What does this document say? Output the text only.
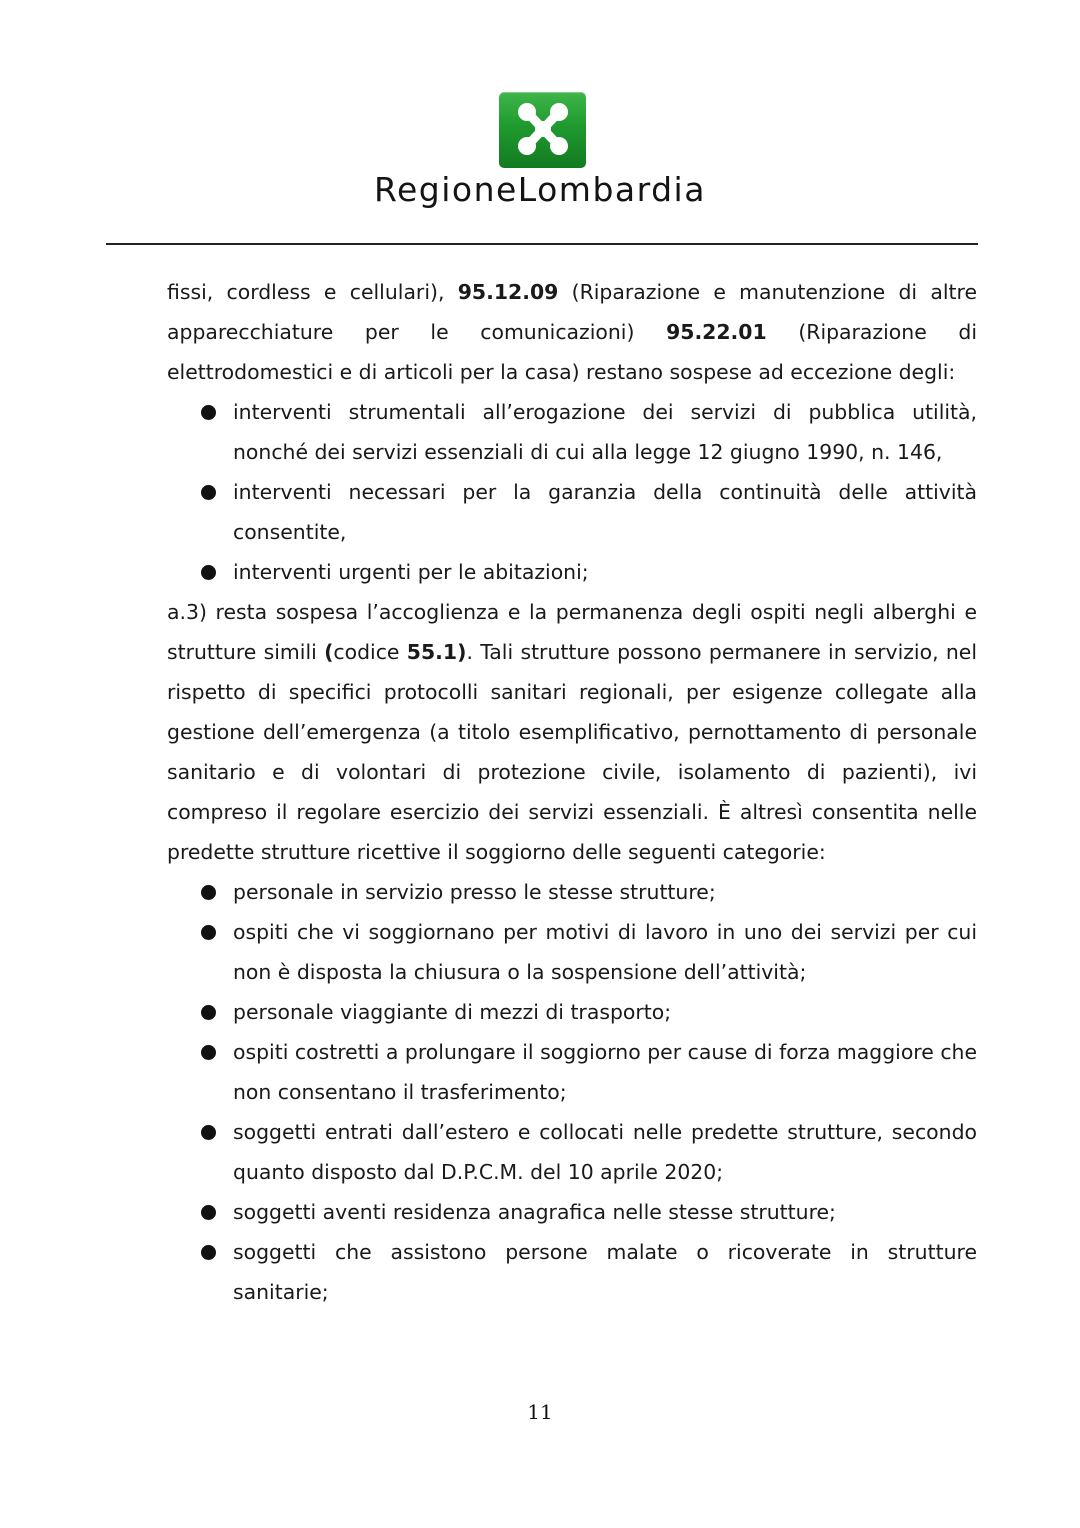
RegioneLombardia

fissi, cordless e cellulari), 95.12.09 (Riparazione e manutenzione di altre apparecchiature per le comunicazioni) 95.22.01 (Riparazione di elettrodomestici e di articoli per la casa) restano sospese ad eccezione degli:

interventi strumentali all’erogazione dei servizi di pubblica utilità, nonché dei servizi essenziali di cui alla legge 12 giugno 1990, n. 146,
interventi necessari per la garanzia della continuità delle attività consentite,
interventi urgenti per le abitazioni;

a.3) resta sospesa l’accoglienza e la permanenza degli ospiti negli alberghi e strutture simili (codice 55.1). Tali strutture possono permanere in servizio, nel rispetto di specifici protocolli sanitari regionali, per esigenze collegate alla gestione dell’emergenza (a titolo esemplificativo, pernottamento di personale sanitario e di volontari di protezione civile, isolamento di pazienti), ivi compreso il regolare esercizio dei servizi essenziali. È altresì consentita nelle predette strutture ricettive il soggiorno delle seguenti categorie:

personale in servizio presso le stesse strutture;
ospiti che vi soggiornano per motivi di lavoro in uno dei servizi per cui non è disposta la chiusura o la sospensione dell’attività;
personale viaggiante di mezzi di trasporto;
ospiti costretti a prolungare il soggiorno per cause di forza maggiore che non consentano il trasferimento;
soggetti entrati dall’estero e collocati nelle predette strutture, secondo quanto disposto dal D.P.C.M. del 10 aprile 2020;
soggetti aventi residenza anagrafica nelle stesse strutture;
soggetti che assistono persone malate o ricoverate in strutture sanitarie;
11
